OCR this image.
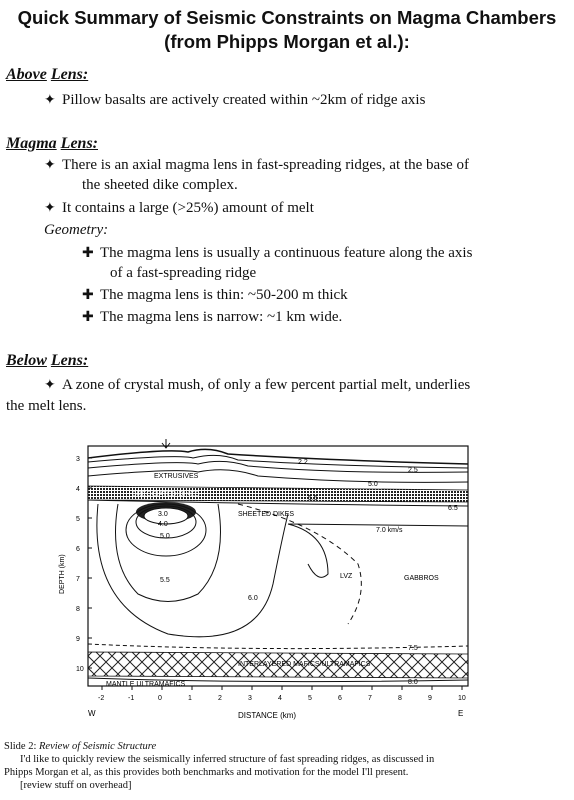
Quick Summary of Seismic Constraints on Magma Chambers
(from Phipps Morgan et al.):
Above Lens:
✦ Pillow basalts are actively created within ~2km of ridge axis
Magma Lens:
✦ There is an axial magma lens in fast-spreading ridges, at the base of
the sheeted dike complex.
✦ It contains a large (>25%) amount of melt
Geometry:
✚ The magma lens is usually a continuous feature along the axis
of a fast-spreading ridge
✚ The magma lens is thin: ~50-200 m thick
✚ The magma lens is narrow: ~1 km wide.
Below Lens:
✦ A zone of crystal mush, of only a few percent partial melt, underlies
the melt lens.
EXTRUSIVES
BRECCIATED DIKES
SHEETED DIKES
INTERLAYERED MAFICS/ULTRAMAFICS
MANTLE ULTRAMAFICS
GABBROS
LVZ
7.0 km/s
2.2
2.5
5.0
5.5
6.5
4.0
3.0
5.0
5.5
6.0
7.5
8.0
DEPTH (km)
3
4
5
6
7
8
9
10
-2	-1	0	1	2	3	4	5	6	7	8	9	10
W	E
DISTANCE (km)
Slide 2: Review of Seismic Structure
I'd like to quickly review the seismically inferred structure of fast spreading ridges, as discussed in
Phipps Morgan et al, as this provides both benchmarks and motivation for the model I'll present.
[review stuff on overhead]
